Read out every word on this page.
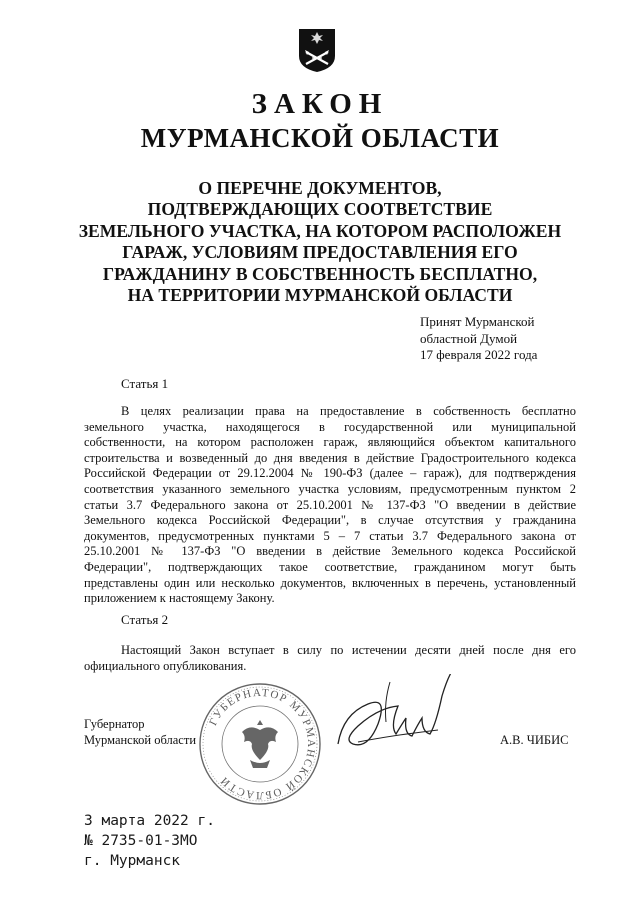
ЗАКОН
МУРМАНСКОЙ ОБЛАСТИ
О ПЕРЕЧНЕ ДОКУМЕНТОВ,
ПОДТВЕРЖДАЮЩИХ СООТВЕТСТВИЕ
ЗЕМЕЛЬНОГО УЧАСТКА, НА КОТОРОМ РАСПОЛОЖЕН
ГАРАЖ, УСЛОВИЯМ ПРЕДОСТАВЛЕНИЯ ЕГО
ГРАЖДАНИНУ В СОБСТВЕННОСТЬ БЕСПЛАТНО,
НА ТЕРРИТОРИИ МУРМАНСКОЙ ОБЛАСТИ
Принят Мурманской
областной Думой
17 февраля 2022 года
Статья 1

В целях реализации права на предоставление в собственность бесплатно
земельного участка, находящегося в государственной или муниципальной
собственности, на котором расположен гараж, являющийся объектом капитального
строительства и возведенный до дня введения в действие Градостроительного кодекса
Российской Федерации от 29.12.2004 № 190-ФЗ (далее – гараж), для подтверждения
соответствия указанного земельного участка условиям, предусмотренным пунктом 2
статьи 3.7 Федерального закона от 25.10.2001 № 137-ФЗ "О введении в действие
Земельного кодекса Российской Федерации", в случае отсутствия у гражданина
документов, предусмотренных пунктами 5 – 7 статьи 3.7 Федерального закона от
25.10.2001 № 137-ФЗ "О введении в действие Земельного кодекса Российской
Федерации", подтверждающих такое соответствие, гражданином могут быть
представлены один или несколько документов, включенных в перечень, установленный
приложением к настоящему Закону.

Статья 2

Настоящий Закон вступает в силу по истечении десяти дней после дня его
официального опубликования.

Губернатор
Мурманской области
ГУБЕРНАТОР МУРМАНСКОЙ ОБЛАСТИ
А.В. ЧИБИС
3 марта 2022 г.
№ 2735-01-ЗМО
г. Мурманск
